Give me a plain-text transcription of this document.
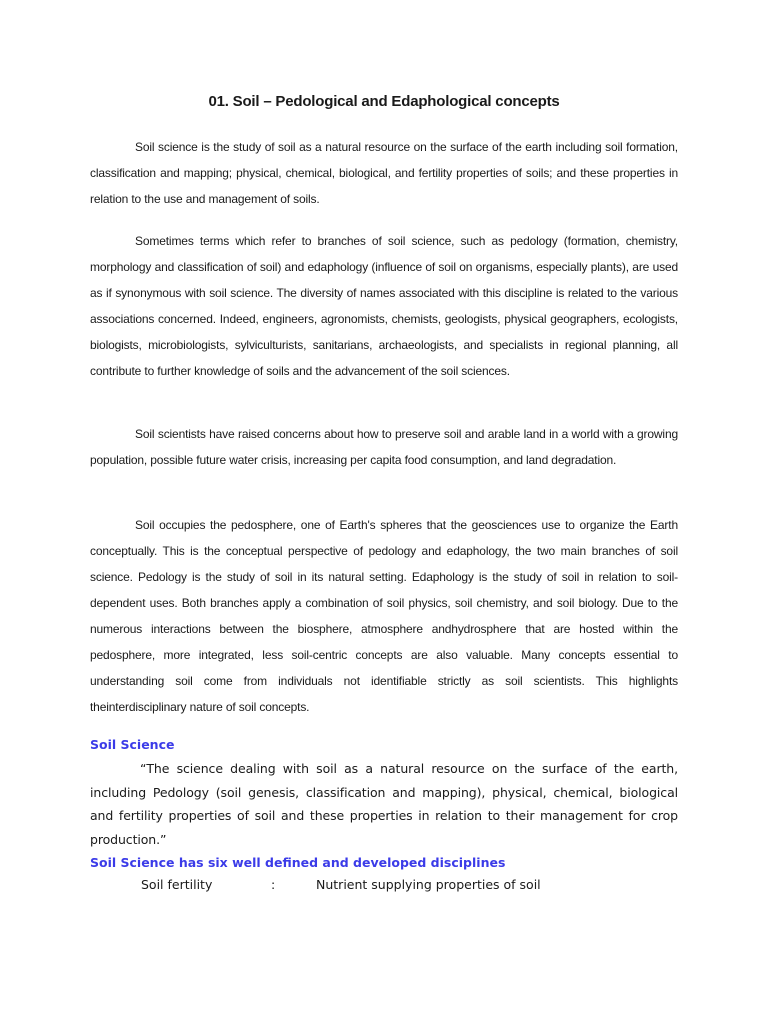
01. Soil – Pedological and Edaphological concepts

Soil science is the study of soil as a natural resource on the surface of the earth including soil formation, classification and mapping; physical, chemical, biological, and fertility properties of soils; and these properties in relation to the use and management of soils.

Sometimes terms which refer to branches of soil science, such as pedology (formation, chemistry, morphology and classification of soil) and edaphology (influence of soil on organisms, especially plants), are used as if synonymous with soil science. The diversity of names associated with this discipline is related to the various associations concerned. Indeed, engineers, agronomists, chemists, geologists, physical geographers, ecologists, biologists, microbiologists, sylviculturists, sanitarians, archaeologists, and specialists in regional planning, all contribute to further knowledge of soils and the advancement of the soil sciences.

Soil scientists have raised concerns about how to preserve soil and arable land in a world with a growing population, possible future water crisis, increasing per capita food consumption, and land degradation.

Soil occupies the pedosphere, one of Earth's spheres that the geosciences use to organize the Earth conceptually. This is the conceptual perspective of pedology and edaphology, the two main branches of soil science. Pedology is the study of soil in its natural setting. Edaphology is the study of soil in relation to soil-dependent uses. Both branches apply a combination of soil physics, soil chemistry, and soil biology. Due to the numerous interactions between the biosphere, atmosphere andhydrosphere that are hosted within the pedosphere, more integrated, less soil-centric concepts are also valuable. Many concepts essential to understanding soil come from individuals not identifiable strictly as soil scientists. This highlights theinterdisciplinary nature of soil concepts.

Soil Science

“The science dealing with soil as a natural resource on the surface of the earth, including Pedology (soil genesis, classification and mapping), physical, chemical, biological and fertility properties of soil and these properties in relation to their management for crop production.”

Soil Science has six well defined and developed disciplines

Soil fertility	:	Nutrient supplying properties of soil
